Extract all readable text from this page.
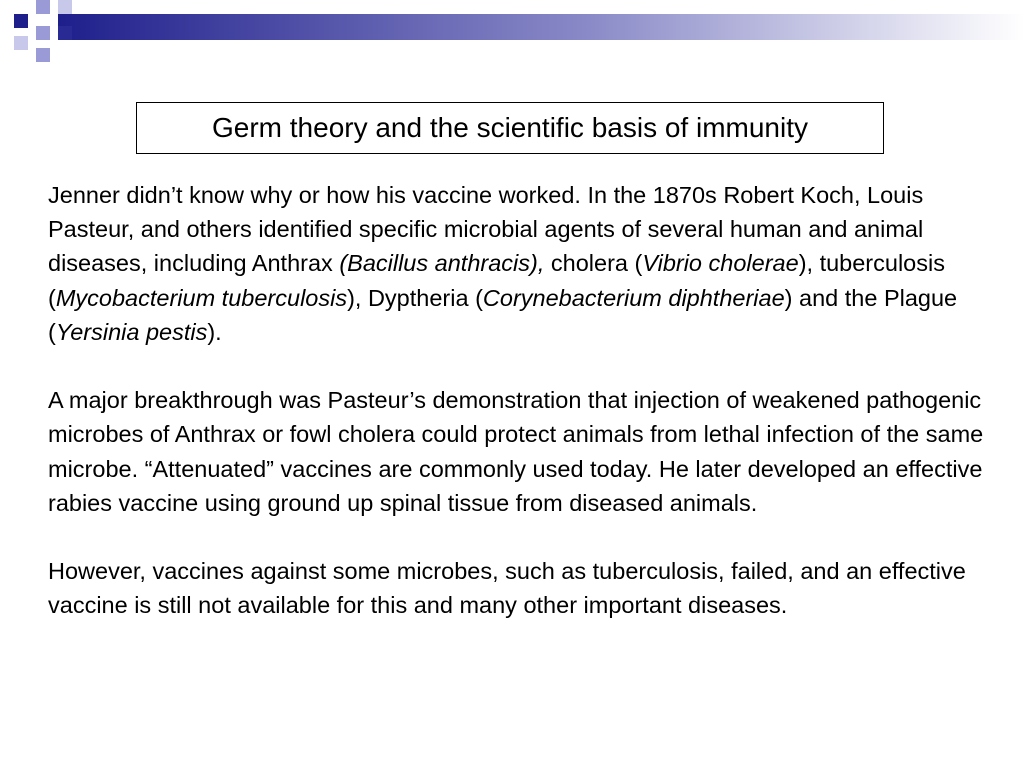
Germ theory and the scientific basis of immunity

Jenner didn’t know why or how his vaccine worked. In the 1870s Robert Koch, Louis Pasteur, and others identified specific microbial agents of several human and animal diseases, including Anthrax (Bacillus anthracis), cholera (Vibrio cholerae), tuberculosis (Mycobacterium tuberculosis), Dyptheria (Corynebacterium diphtheriae) and the Plague (Yersinia pestis).

A major breakthrough was Pasteur’s demonstration that injection of weakened pathogenic microbes of Anthrax or fowl cholera could protect animals from lethal infection of the same microbe. “Attenuated” vaccines are commonly used today. He later developed an effective rabies vaccine using ground up spinal tissue from diseased animals.

However, vaccines against some microbes, such as tuberculosis, failed, and an effective vaccine is still not available for this and many other important diseases.
